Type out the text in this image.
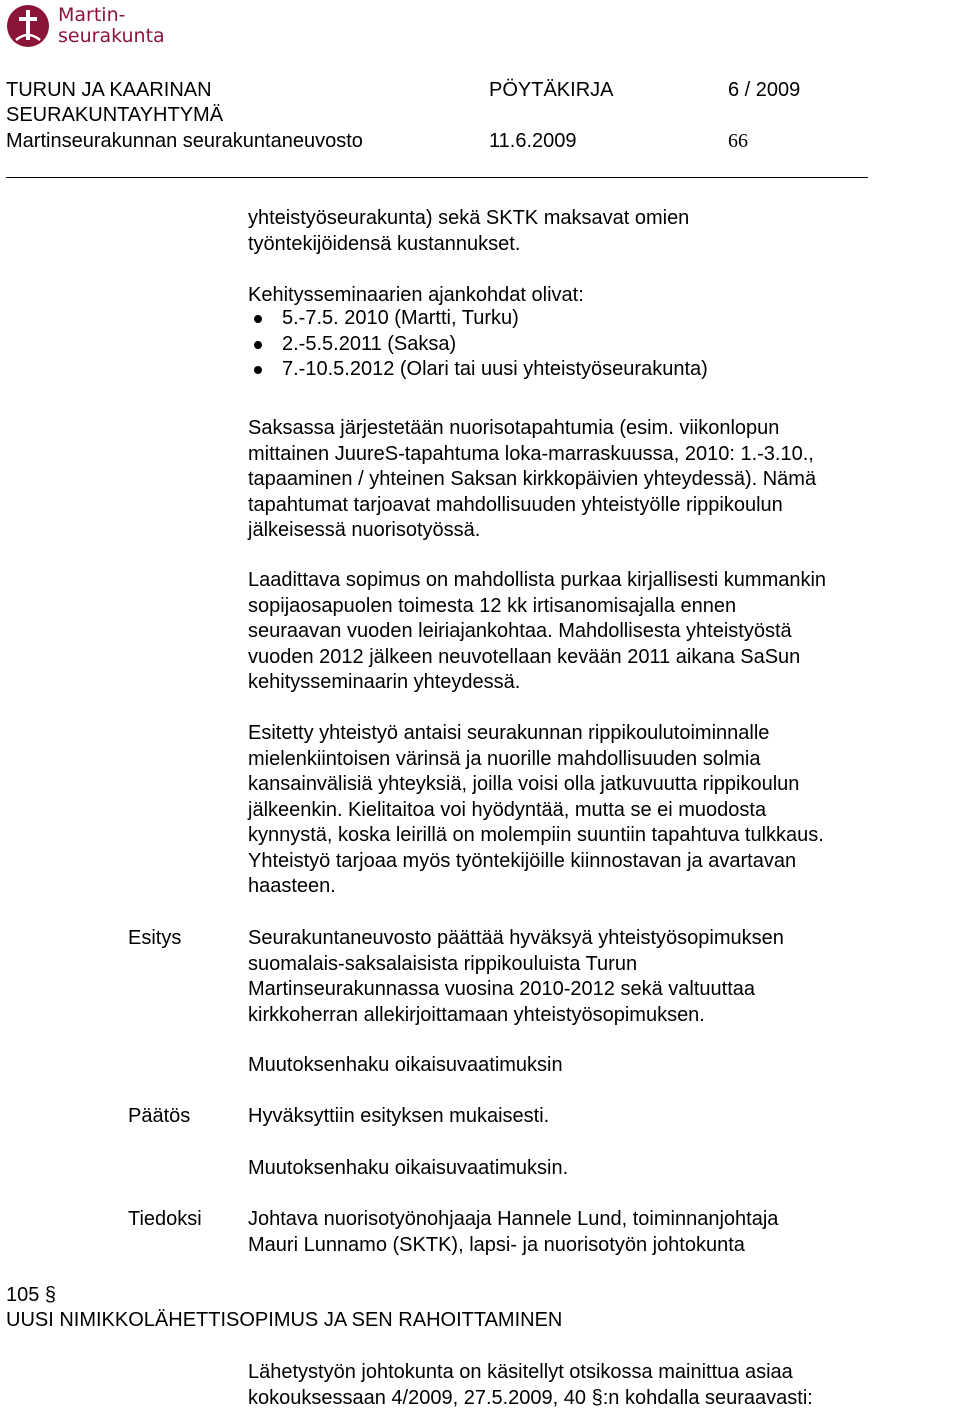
Martin-
seurakunta
TURUN JA KAARINAN
SEURAKUNTAYHTYMÄ
Martinseurakunnan seurakuntaneuvosto
PÖYTÄKIRJA	6 / 2009
11.6.2009	66
yhteistyöseurakunta) sekä SKTK maksavat omien
työntekijöidensä kustannukset.
Kehitysseminaarien ajankohdat olivat:
5.-7.5. 2010 (Martti, Turku)
2.-5.5.2011 (Saksa)
7.-10.5.2012 (Olari tai uusi yhteistyöseurakunta)
Saksassa järjestetään nuorisotapahtumia (esim. viikonlopun
mittainen JuureS-tapahtuma loka-marraskuussa, 2010: 1.-3.10.,
tapaaminen / yhteinen Saksan kirkkopäivien yhteydessä). Nämä
tapahtumat tarjoavat mahdollisuuden yhteistyölle rippikoulun
jälkeisessä nuorisotyössä.
Laadittava sopimus on mahdollista purkaa kirjallisesti kummankin
sopijaosapuolen toimesta 12 kk irtisanomisajalla ennen
seuraavan vuoden leiriajankohtaa. Mahdollisesta yhteistyöstä
vuoden 2012 jälkeen neuvotellaan kevään 2011 aikana SaSun
kehitysseminaarin yhteydessä.
Esitetty yhteistyö antaisi seurakunnan rippikoulutoiminnalle
mielenkiintoisen värinsä ja nuorille mahdollisuuden solmia
kansainvälisiä yhteyksiä, joilla voisi olla jatkuvuutta rippikoulun
jälkeenkin. Kielitaitoa voi hyödyntää, mutta se ei muodosta
kynnystä, koska leirillä on molempiin suuntiin tapahtuva tulkkaus.
Yhteistyö tarjoaa myös työntekijöille kiinnostavan ja avartavan
haasteen.
Esitys	Seurakuntaneuvosto päättää hyväksyä yhteistyösopimuksen
suomalais-saksalaisista rippikouluista Turun
Martinseurakunnassa vuosina 2010-2012 sekä valtuuttaa
kirkkoherran allekirjoittamaan yhteistyösopimuksen.
Muutoksenhaku oikaisuvaatimuksin
Päätös	Hyväksyttiin esityksen mukaisesti.
Muutoksenhaku oikaisuvaatimuksin.
Tiedoksi Johtava nuorisotyönohjaaja Hannele Lund, toiminnanjohtaja
Mauri Lunnamo (SKTK), lapsi- ja nuorisotyön johtokunta
105 §
UUSI NIMIKKOLÄHETTISOPIMUS JA SEN RAHOITTAMINEN
Lähetystyön johtokunta on käsitellyt otsikossa mainittua asiaa
kokouksessaan 4/2009, 27.5.2009, 40 §:n kohdalla seuraavasti:
